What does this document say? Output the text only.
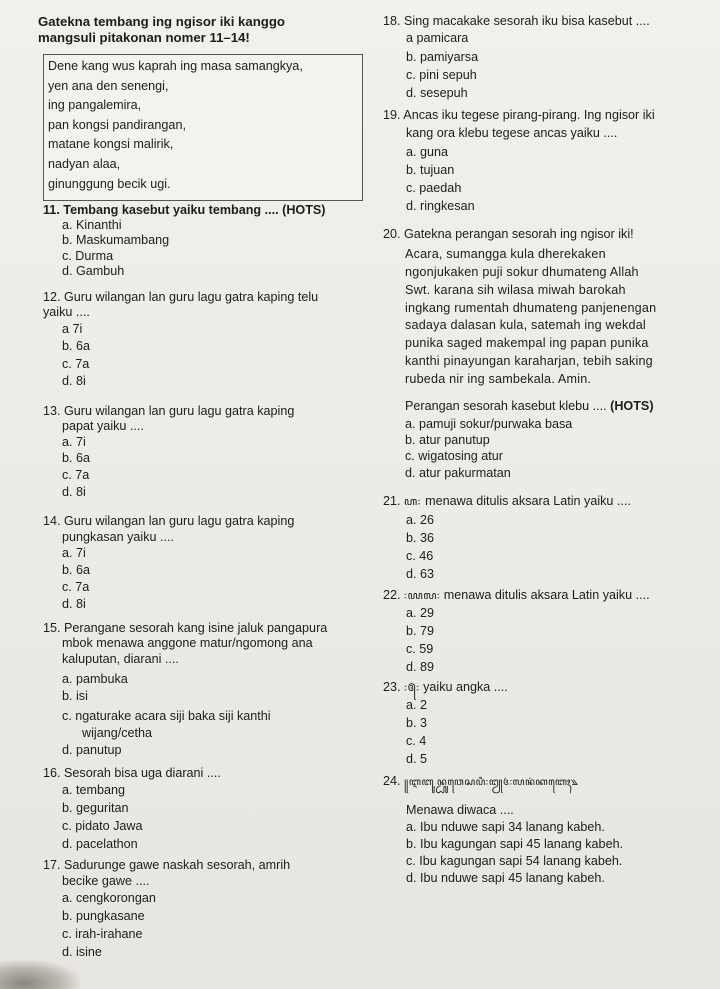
Gatekna tembang ing ngisor iki kanggo
mangsuli pitakonan nomer 11–14!
Dene kang wus kaprah ing masa samangkya,
yen ana den senengi,
ing pangalemira,
pan kongsi pandirangan,
matane kongsi malirik,
nadyan alaa,
ginunggung becik ugi.
11. Tembang kasebut yaiku tembang .... (HOTS)
a. Kinanthi
b. Maskumambang
c. Durma
d. Gambuh
12. Guru wilangan lan guru lagu gatra kaping telu
yaiku ....
a 7i
b. 6a
c. 7a
d. 8i
13. Guru wilangan lan guru lagu gatra kaping
papat yaiku ....
a. 7i
b. 6a
c. 7a
d. 8i
14. Guru wilangan lan guru lagu gatra kaping
pungkasan yaiku ....
a. 7i
b. 6a
c. 7a
d. 8i
15. Perangane sesorah kang isine jaluk pangapura
mbok menawa anggone matur/ngomong ana
kaluputan, diarani ....
a. pambuka
b. isi
c. ngaturake acara siji baka siji kanthi
wijang/cetha
d. panutup
16. Sesorah bisa uga diarani ....
a. tembang
b. geguritan
c. pidato Jawa
d. pacelathon
17. Sadurunge gawe naskah sesorah, amrih
becike gawe ....
a. cengkorongan
b. pungkasane
c. irah-irahane
d. isine
18. Sing macakake sesorah iku bisa kasebut ....
a pamicara
b. pamiyarsa
c. pini sepuh
d. sesepuh
19. Ancas iku tegese pirang-pirang. Ing ngisor iki
kang ora klebu tegese ancas yaiku ....
a. guna
b. tujuan
c. paedah
d. ringkesan
20. Gatekna perangan sesorah ing ngisor iki!
Acara, sumangga kula dherekaken
ngonjukaken puji sokur dhumateng Allah
Swt. karana sih wilasa miwah barokah
ingkang rumentah dhumateng panjenengan
sadaya dalasan kula, satemah ing wekdal
punika saged makempal ing papan punika
kanthi pinayungan karaharjan, tebih saking
rubeda nir ing sambekala. Amin.
Perangan sesorah kasebut klebu .... (HOTS)
a. pamuji sokur/purwaka basa
b. atur panutup
c. wigatosing atur
d. atur pakurmatan
21. ꦲ꧇ menawa ditulis aksara Latin yaiku ....
a. 26
b. 36
c. 46
d. 63
22. ꧇꧙꧗꧇ menawa ditulis aksara Latin yaiku ....
a. 29
b. 79
c. 59
d. 89
23. ꧇꧕꧇ yaiku angka ....
a. 2
b. 3
c. 4
d. 5
24. ꧋ꦆꦧꦸꦤ꧀ꦝꦸꦮꦺꦱꦥꦶ꧇꧓꧔꧇ꦭꦤꦁꦏꦧꦺꦃ꧉
Menawa diwaca ....
a. Ibu nduwe sapi 34 lanang kabeh.
b. Ibu kagungan sapi 45 lanang kabeh.
c. Ibu kagungan sapi 54 lanang kabeh.
d. Ibu nduwe sapi 45 lanang kabeh.
